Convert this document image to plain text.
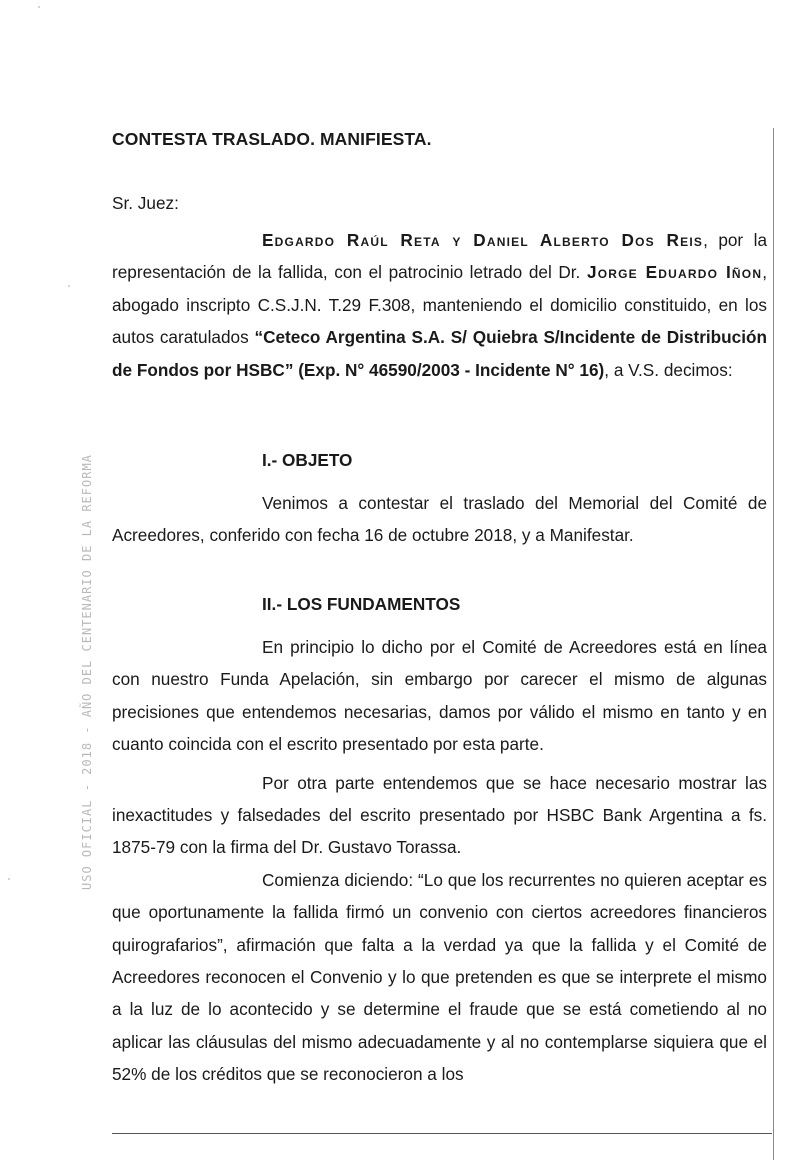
CONTESTA TRASLADO. MANIFIESTA.
Sr. Juez:

Edgardo Raúl Reta y Daniel Alberto Dos Reis, por la representación de la fallida, con el patrocinio letrado del Dr. Jorge Eduardo Iñon, abogado inscripto C.S.J.N. T.29 F.308, manteniendo el domicilio constituido, en los autos caratulados “Ceteco Argentina S.A. S/ Quiebra S/Incidente de Distribución de Fondos por HSBC” (Exp. N° 46590/2003 - Incidente N° 16), a V.S. decimos:

I.- OBJETO

Venimos a contestar el traslado del Memorial del Comité de Acreedores, conferido con fecha 16 de octubre 2018, y a Manifestar.

II.- LOS FUNDAMENTOS

En principio lo dicho por el Comité de Acreedores está en línea con nuestro Funda Apelación, sin embargo por carecer el mismo de algunas precisiones que entendemos necesarias, damos por válido el mismo en tanto y en cuanto coincida con el escrito presentado por esta parte.

Por otra parte entendemos que se hace necesario mostrar las inexactitudes y falsedades del escrito presentado por HSBC Bank Argentina a fs. 1875-79 con la firma del Dr. Gustavo Torassa.

Comienza diciendo: “Lo que los recurrentes no quieren aceptar es que oportunamente la fallida firmó un convenio con ciertos acreedores financieros quirografarios”, afirmación que falta a la verdad ya que la fallida y el Comité de Acreedores reconocen el Convenio y lo que pretenden es que se interprete el mismo a la luz de lo acontecido y se determine el fraude que se está cometiendo al no aplicar las cláusulas del mismo adecuadamente y al no contemplarse siquiera que el 52% de los créditos que se reconocieron a los

USO OFICIAL - 2018 - AÑO DEL CENTENARIO DE LA REFORMA
